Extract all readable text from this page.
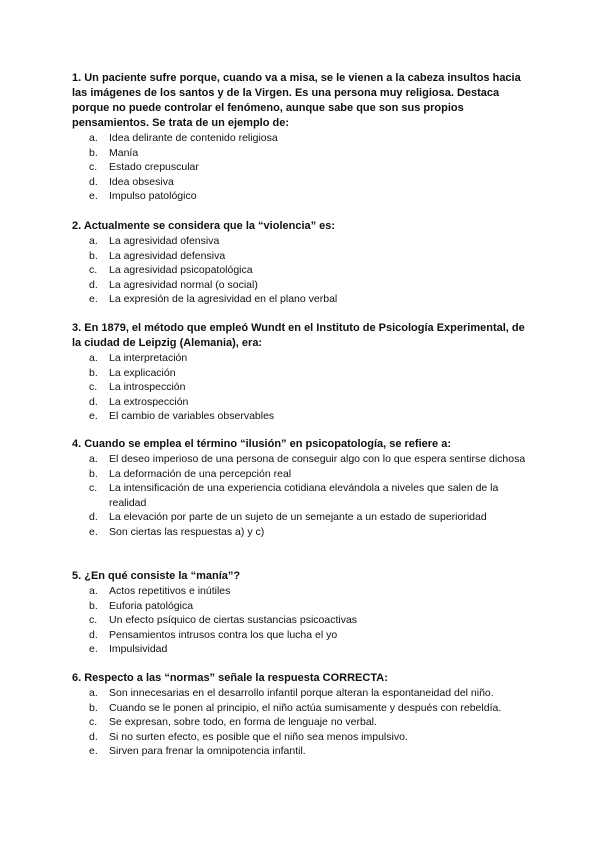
1. Un paciente sufre porque, cuando va a misa, se le vienen a la cabeza insultos hacia las imágenes de los santos y de la Virgen. Es una persona muy religiosa. Destaca porque no puede controlar el fenómeno, aunque sabe que son sus propios pensamientos. Se trata de un ejemplo de:

a. Idea delirante de contenido religiosa
b. Manía
c. Estado crepuscular
d. Idea obsesiva
e. Impulso patológico

2. Actualmente se considera que la “violencia” es:

a. La agresividad ofensiva
b. La agresividad defensiva
c. La agresividad psicopatológica
d. La agresividad normal (o social)
e. La expresión de la agresividad en el plano verbal

3. En 1879, el método que empleó Wundt en el Instituto de Psicología Experimental, de la ciudad de Leipzig (Alemania), era:

a. La interpretación
b. La explicación
c. La introspección
d. La extrospección
e. El cambio de variables observables

4. Cuando se emplea el término “ilusión” en psicopatología, se refiere a:

a. El deseo imperioso de una persona de conseguir algo con lo que espera sentirse dichosa
b. La deformación de una percepción real
c. La intensificación de una experiencia cotidiana elevándola a niveles que salen de la realidad
d. La elevación por parte de un sujeto de un semejante a un estado de superioridad
e. Son ciertas las respuestas a) y c)

5. ¿En qué consiste la “manía”?

a. Actos repetitivos e inútiles
b. Euforia patológica
c. Un efecto psíquico de ciertas sustancias psicoactivas
d. Pensamientos intrusos contra los que lucha el yo
e. Impulsividad

6. Respecto a las “normas” señale la respuesta CORRECTA:

a. Son innecesarias en el desarrollo infantil porque alteran la espontaneidad del niño.
b. Cuando se le ponen al principio, el niño actúa sumisamente y después con rebeldía.
c. Se expresan, sobre todo, en forma de lenguaje no verbal.
d. Si no surten efecto, es posible que el niño sea menos impulsivo.
e. Sirven para frenar la omnipotencia infantil.
